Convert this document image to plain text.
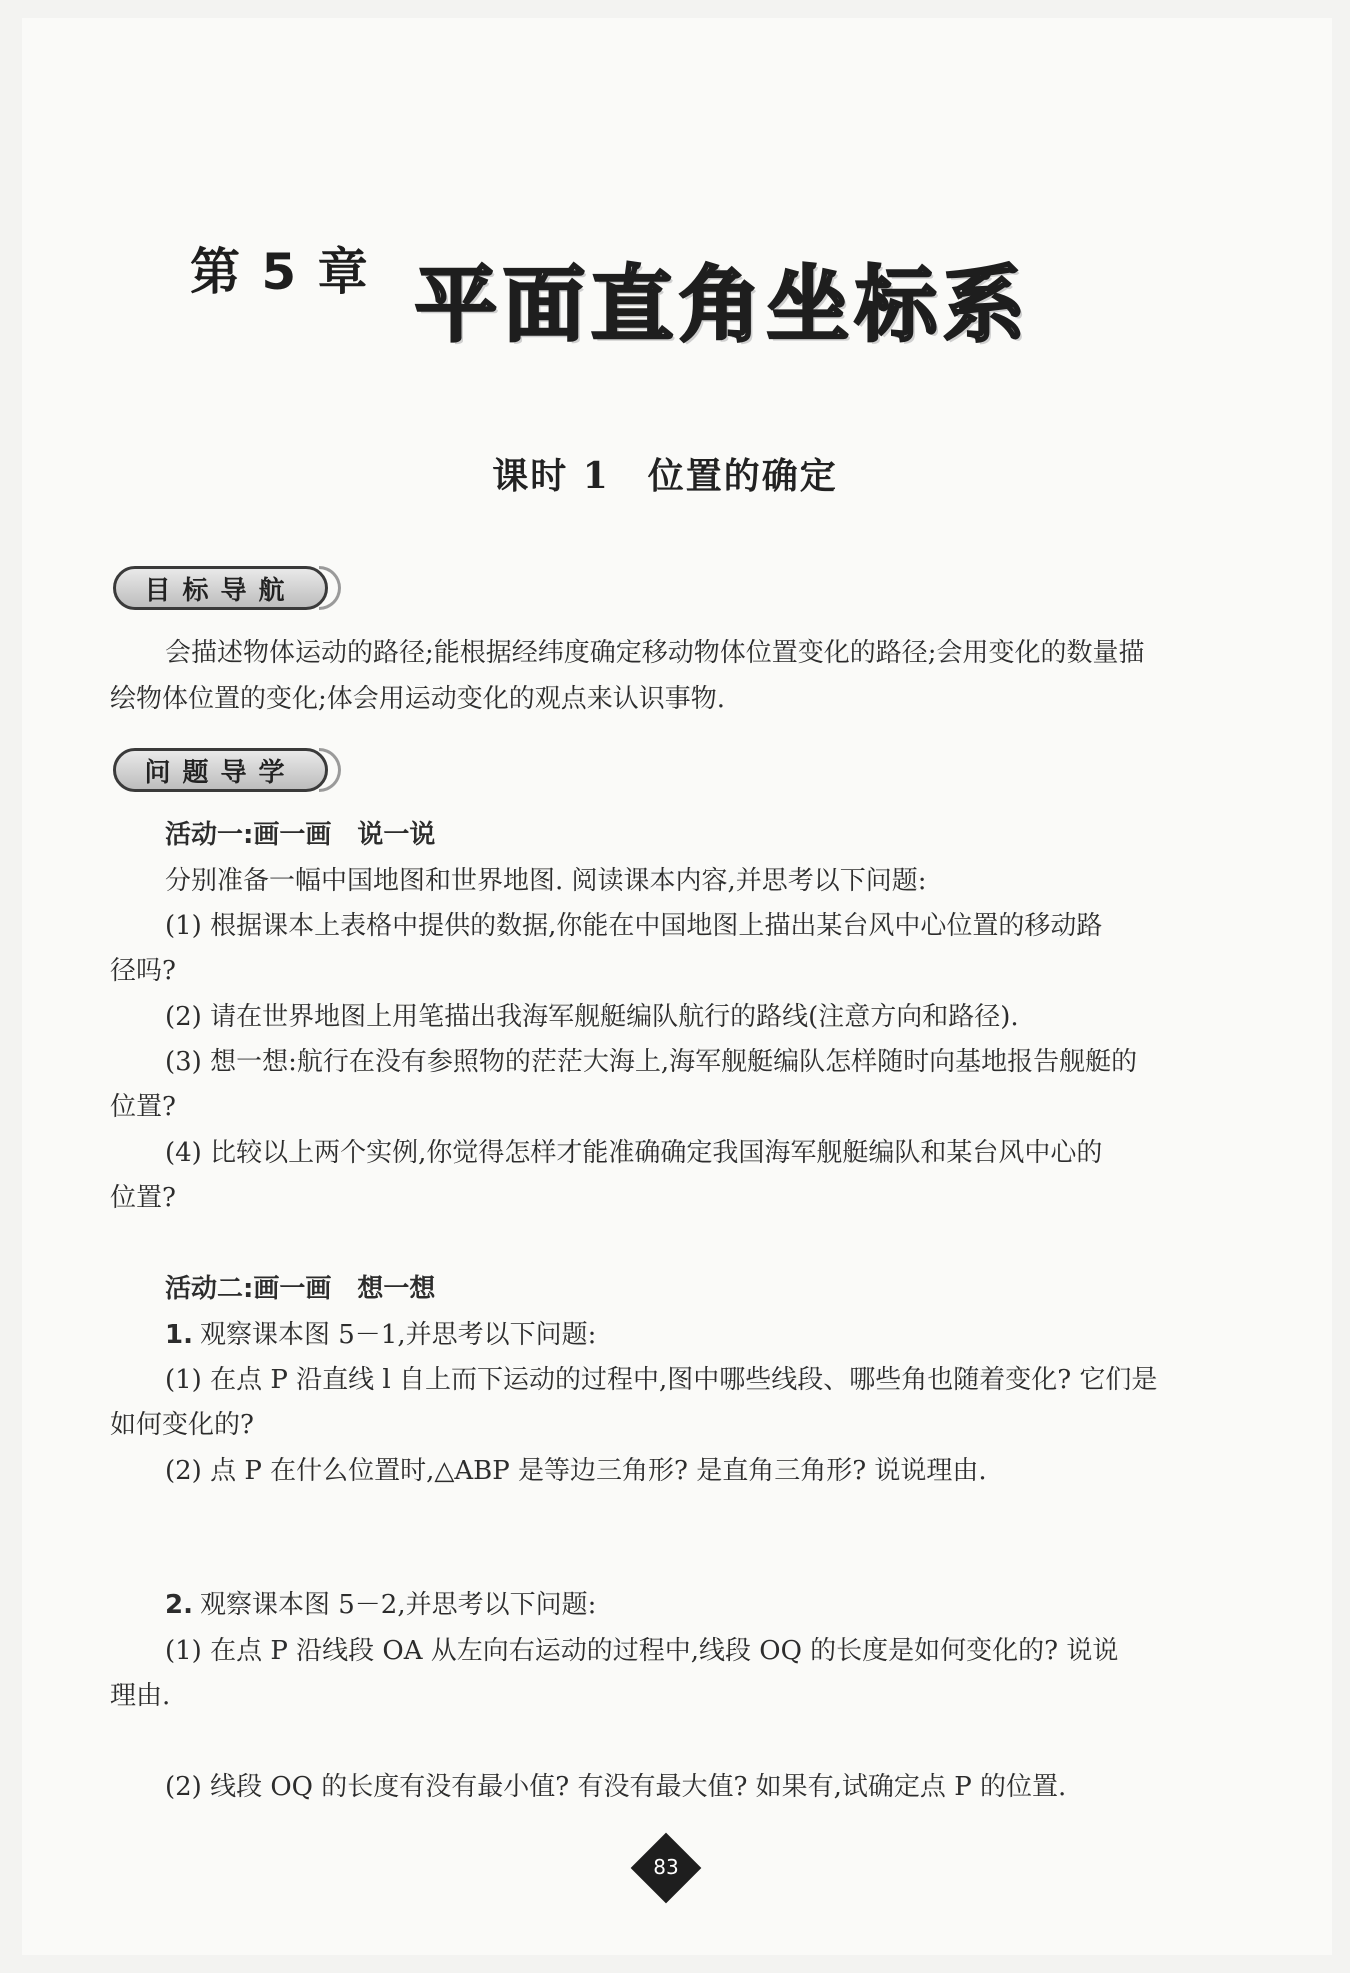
第 5 章 平面直角坐标系
课时 1　位置的确定
目标导航
会描述物体运动的路径;能根据经纬度确定移动物体位置变化的路径;会用变化的数量描
绘物体位置的变化;体会用运动变化的观点来认识事物.
问题导学
活动一:画一画　说一说
分别准备一幅中国地图和世界地图. 阅读课本内容,并思考以下问题:
(1) 根据课本上表格中提供的数据,你能在中国地图上描出某台风中心位置的移动路
径吗?
(2) 请在世界地图上用笔描出我海军舰艇编队航行的路线(注意方向和路径).
(3) 想一想:航行在没有参照物的茫茫大海上,海军舰艇编队怎样随时向基地报告舰艇的
位置?
(4) 比较以上两个实例,你觉得怎样才能准确确定我国海军舰艇编队和某台风中心的
位置?
活动二:画一画　想一想
1. 观察课本图 5－1,并思考以下问题:
(1) 在点 P 沿直线 l 自上而下运动的过程中,图中哪些线段、哪些角也随着变化? 它们是
如何变化的?
(2) 点 P 在什么位置时,△ABP 是等边三角形? 是直角三角形? 说说理由.
2. 观察课本图 5－2,并思考以下问题:
(1) 在点 P 沿线段 OA 从左向右运动的过程中,线段 OQ 的长度是如何变化的? 说说
理由.
(2) 线段 OQ 的长度有没有最小值? 有没有最大值? 如果有,试确定点 P 的位置.
83
